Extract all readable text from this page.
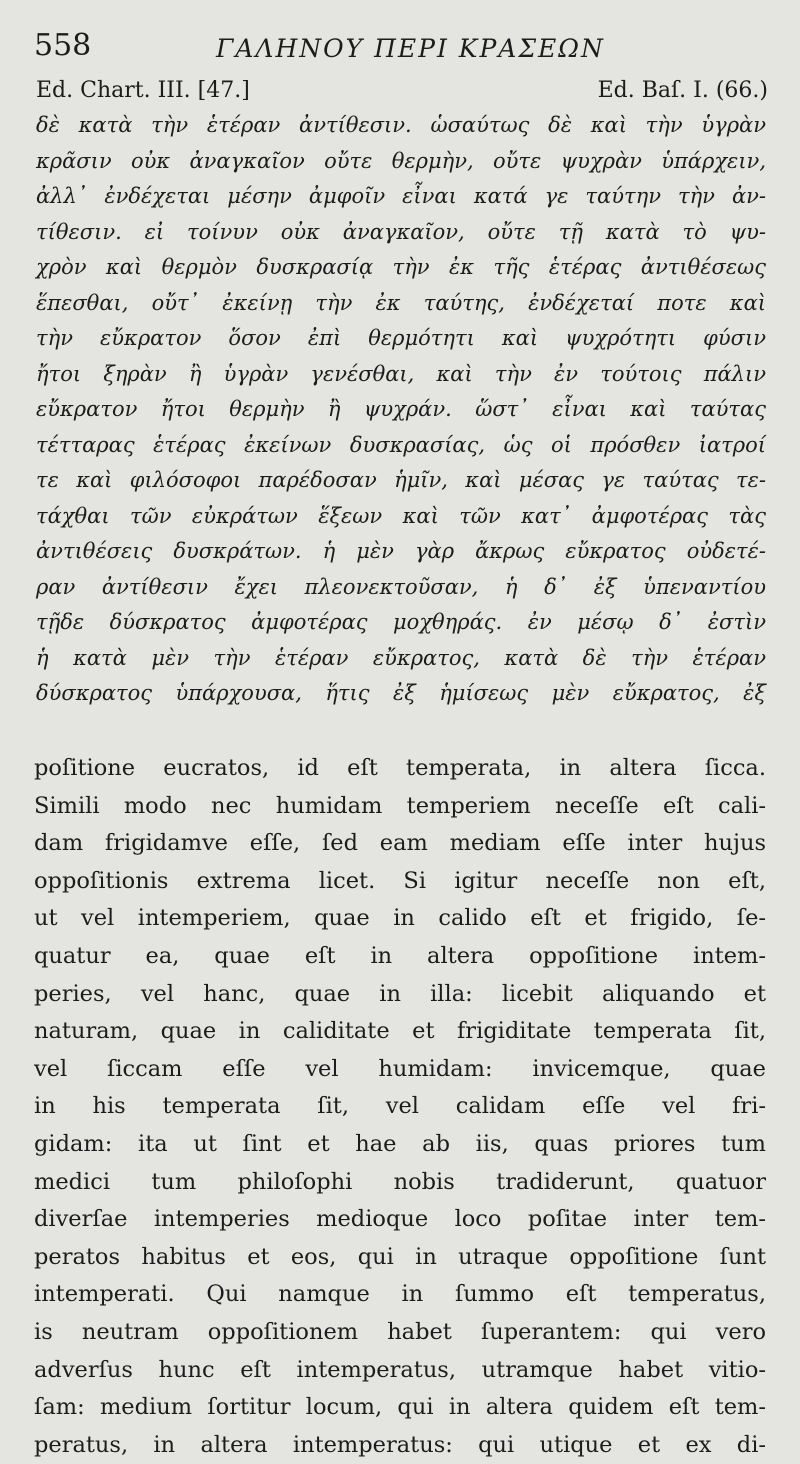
558	ΓΑΛΗΝΟΥ ΠΕΡΙ ΚΡΑΣΕΩΝ
Ed. Chart. III. [47.]	Ed. Baſ. I. (66.)
δὲ κατὰ τὴν ἑτέραν ἀντίθεσιν. ὡσαύτως δὲ καὶ τὴν ὑγρὰν
κρᾶσιν οὐκ ἀναγκαῖον οὔτε θερμὴν, οὔτε ψυχρὰν ὑπάρχειν,
ἀλλ᾽ ἐνδέχεται μέσην ἀμφοῖν εἶναι κατά γε ταύτην τὴν ἀν-
τίθεσιν. εἰ τοίνυν οὐκ ἀναγκαῖον, οὔτε τῇ κατὰ τὸ ψυ-
χρὸν καὶ θερμὸν δυσκρασίᾳ τὴν ἐκ τῆς ἑτέρας ἀντιθέσεως
ἕπεσθαι, οὔτ᾽ ἐκείνῃ τὴν ἐκ ταύτης, ἐνδέχεταί ποτε καὶ
τὴν εὔκρατον ὅσον ἐπὶ θερμότητι καὶ ψυχρότητι φύσιν
ἤτοι ξηρὰν ἢ ὑγρὰν γενέσθαι, καὶ τὴν ἐν τούτοις πάλιν
εὔκρατον ἤτοι θερμὴν ἢ ψυχράν. ὥστ᾽ εἶναι καὶ ταύτας
τέτταρας ἑτέρας ἐκείνων δυσκρασίας, ὡς οἱ πρόσθεν ἰατροί
τε καὶ φιλόσοφοι παρέδοσαν ἡμῖν, καὶ μέσας γε ταύτας τε-
τάχθαι τῶν εὐκράτων ἕξεων καὶ τῶν κατ᾽ ἀμφοτέρας τὰς
ἀντιθέσεις δυσκράτων. ἡ μὲν γὰρ ἄκρως εὔκρατος οὐδετέ-
ραν ἀντίθεσιν ἔχει πλεονεκτοῦσαν, ἡ δ᾽ ἐξ ὑπεναντίου
τῇδε δύσκρατος ἀμφοτέρας μοχθηράς. ἐν μέσῳ δ᾽ ἐστὶν
ἡ κατὰ μὲν τὴν ἑτέραν εὔκρατος, κατὰ δὲ τὴν ἑτέραν
δύσκρατος ὑπάρχουσα, ἥτις ἐξ ἡμίσεως μὲν εὔκρατος, ἐξ
poſitione eucratos, id eſt temperata, in altera ſicca.
Simili modo nec humidam temperiem neceſſe eſt cali-
dam frigidamve eſſe, ſed eam mediam eſſe inter hujus
oppoſitionis extrema licet. Si igitur neceſſe non eſt,
ut vel intemperiem, quae in calido eſt et frigido, ſe-
quatur ea, quae eſt in altera oppoſitione intem-
peries, vel hanc, quae in illa: licebit aliquando et
naturam, quae in caliditate et frigiditate temperata ſit,
vel ſiccam eſſe vel humidam: invicemque, quae
in his temperata ſit, vel calidam eſſe vel fri-
gidam: ita ut ſint et hae ab iis, quas priores tum
medici tum philoſophi nobis tradiderunt, quatuor
diverſae intemperies medioque loco poſitae inter tem-
peratos habitus et eos, qui in utraque oppoſitione ſunt
intemperati. Qui namque in ſummo eſt temperatus,
is neutram oppoſitionem habet ſuperantem: qui vero
adverſus hunc eſt intemperatus, utramque habet vitio-
ſam: medium ſortitur locum, qui in altera quidem eſt tem-
peratus, in altera intemperatus: qui utique et ex di-
